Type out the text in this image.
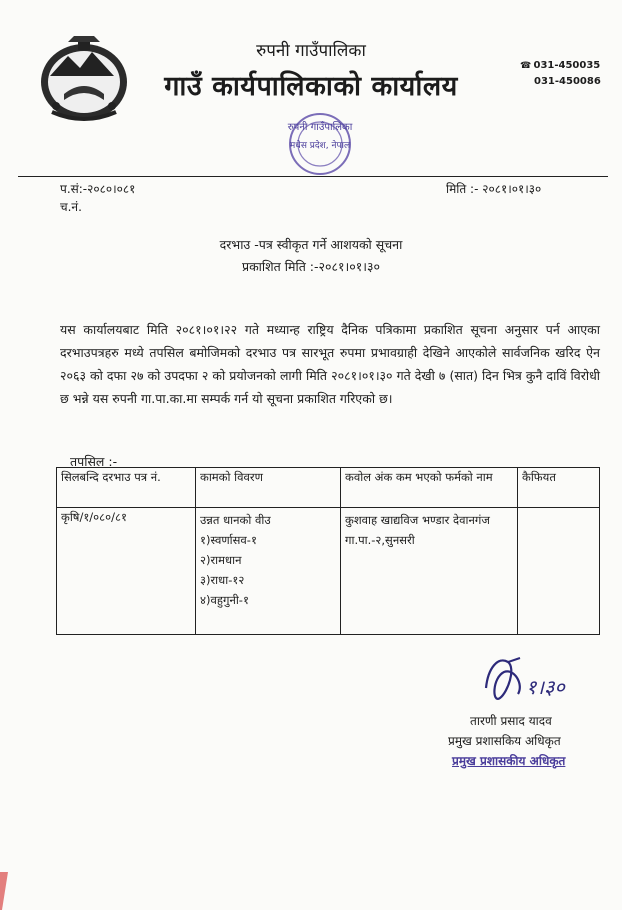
रुपनी गाउँपालिका
गाउँ कार्यपालिकाको कार्यालय
☎ 031-450035
031-450086
रुपनी गाउँपालिका
मधेस प्रदेश, नेपाल
प.सं:-२०८०।०८१
च.नं.
मिति :- २०८१।०१।३०
दरभाउ -पत्र स्वीकृत गर्ने आशयको सूचना
प्रकाशित मिति :-२०८१।०१।३०
यस कार्यालयबाट मिति २०८१।०१।२२ गते मध्यान्ह राष्ट्रिय दैनिक पत्रिकामा प्रकाशित सूचना अनुसार पर्न आएका दरभाउपत्रहरु मध्ये तपसिल बमोजिमको दरभाउ पत्र सारभूत रुपमा प्रभावग्राही देखिने आएकोले सार्वजनिक खरिद ऐन २०६३ को दफा २७ को उपदफा २ को प्रयोजनको लागी मिति २०८१।०१।३० गते देखी ७ (सात) दिन भित्र कुनै दाविं विरोधी छ भन्ने यस रुपनी गा.पा.का.मा सम्पर्क गर्न यो सूचना प्रकाशित गरिएको छ।
तपसिल :-
सिलबन्दि दरभाउ पत्र नं.	कामको विवरण	कवोल अंक कम भएको फर्मको नाम	कैफियत
कृषि/१/०८०/८१	उन्नत धानको वीउ
१)स्वर्णासव-१
२)रामधान
३)राधा-१२
४)वहुगुनी-१	कुशवाह खाद्यविज भण्डार देवानगंज गा.पा.-२,सुनसरी	
१।३०
तारणी प्रसाद यादव
प्रमुख प्रशासकिय अधिकृत
प्रमुख प्रशासकीय अधिकृत
